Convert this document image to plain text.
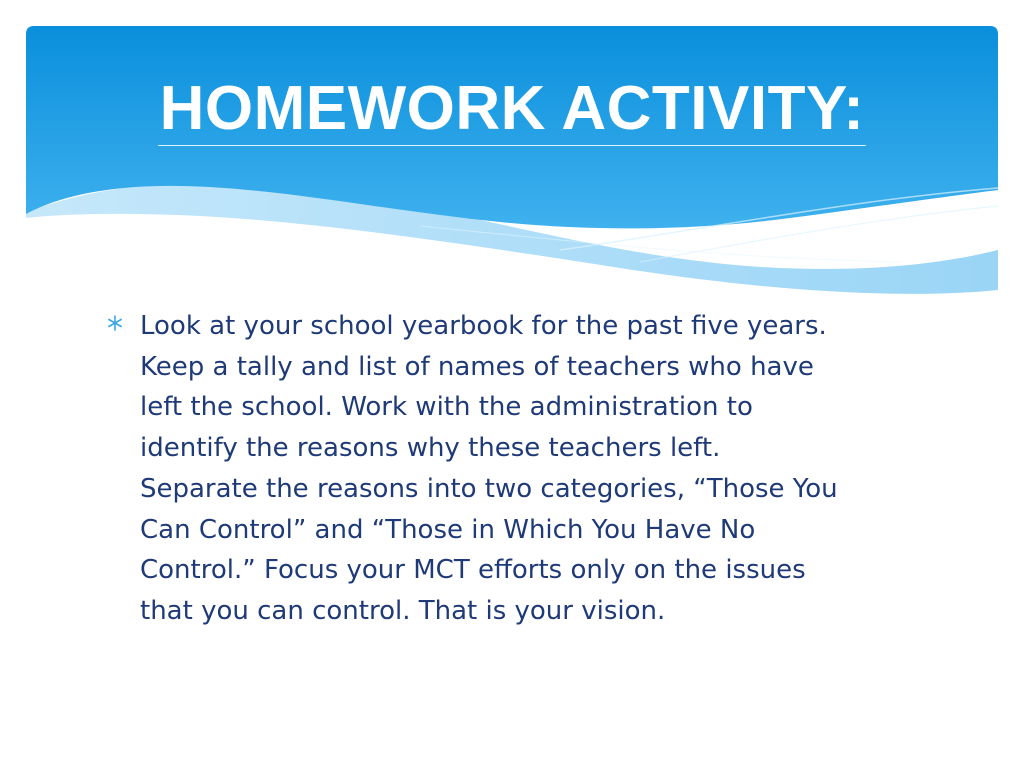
HOMEWORK ACTIVITY:

Look at your school yearbook for the past five years.
Keep a tally and list of names of teachers who have
left the school. Work with the administration to
identify the reasons why these teachers left.
Separate the reasons into two categories, “Those You
Can Control” and “Those in Which You Have No
Control.” Focus your MCT efforts only on the issues
that you can control. That is your vision.
